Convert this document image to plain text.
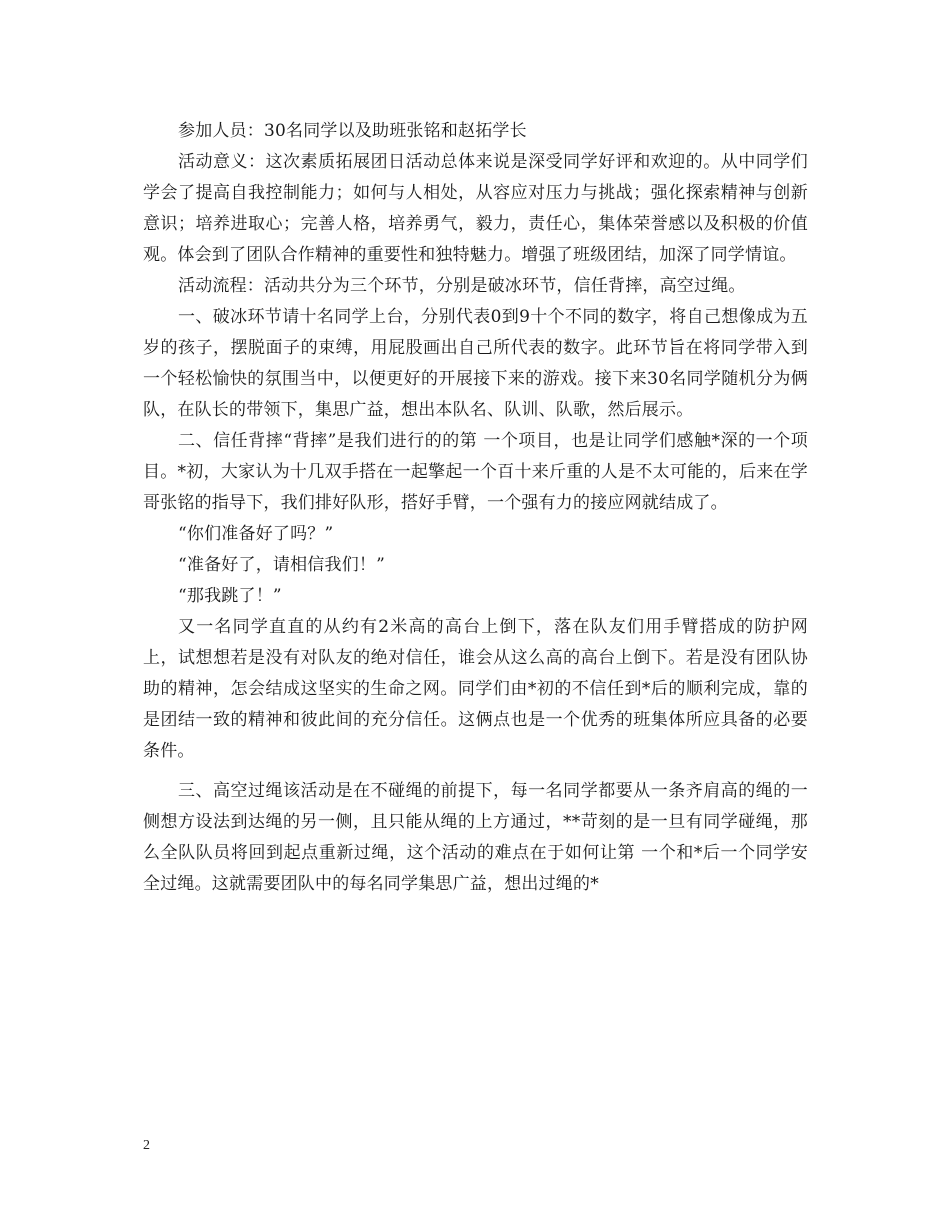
参加人员：30名同学以及助班张铭和赵拓学长

活动意义：这次素质拓展团日活动总体来说是深受同学好评和欢迎的。从中同学们学会了提高自我控制能力；如何与人相处，从容应对压力与挑战；强化探索精神与创新意识；培养进取心；完善人格，培养勇气，毅力，责任心，集体荣誉感以及积极的价值观。体会到了团队合作精神的重要性和独特魅力。增强了班级团结，加深了同学情谊。

活动流程：活动共分为三个环节，分别是破冰环节，信任背摔，高空过绳。

一、破冰环节请十名同学上台，分别代表0到9十个不同的数字，将自己想像成为五岁的孩子，摆脱面子的束缚，用屁股画出自己所代表的数字。此环节旨在将同学带入到一个轻松愉快的氛围当中，以便更好的开展接下来的游戏。接下来30名同学随机分为俩队，在队长的带领下，集思广益，想出本队名、队训、队歌，然后展示。

二、信任背摔“背摔”是我们进行的的第 一个项目，也是让同学们感触*深的一个项目。*初，大家认为十几双手搭在一起擎起一个百十来斤重的人是不太可能的，后来在学哥张铭的指导下，我们排好队形，搭好手臂，一个强有力的接应网就结成了。

“你们准备好了吗？”

“准备好了，请相信我们！”

“那我跳了！”

又一名同学直直的从约有2米高的高台上倒下，落在队友们用手臂搭成的防护网上，试想想若是没有对队友的绝对信任，谁会从这么高的高台上倒下。若是没有团队协助的精神，怎会结成这坚实的生命之网。同学们由*初的不信任到*后的顺利完成，靠的是团结一致的精神和彼此间的充分信任。这俩点也是一个优秀的班集体所应具备的必要条件。

三、高空过绳该活动是在不碰绳的前提下，每一名同学都要从一条齐肩高的绳的一侧想方设法到达绳的另一侧，且只能从绳的上方通过，**苛刻的是一旦有同学碰绳，那么全队队员将回到起点重新过绳，这个活动的难点在于如何让第 一个和*后一个同学安全过绳。这就需要团队中的每名同学集思广益，想出过绳的*

2
